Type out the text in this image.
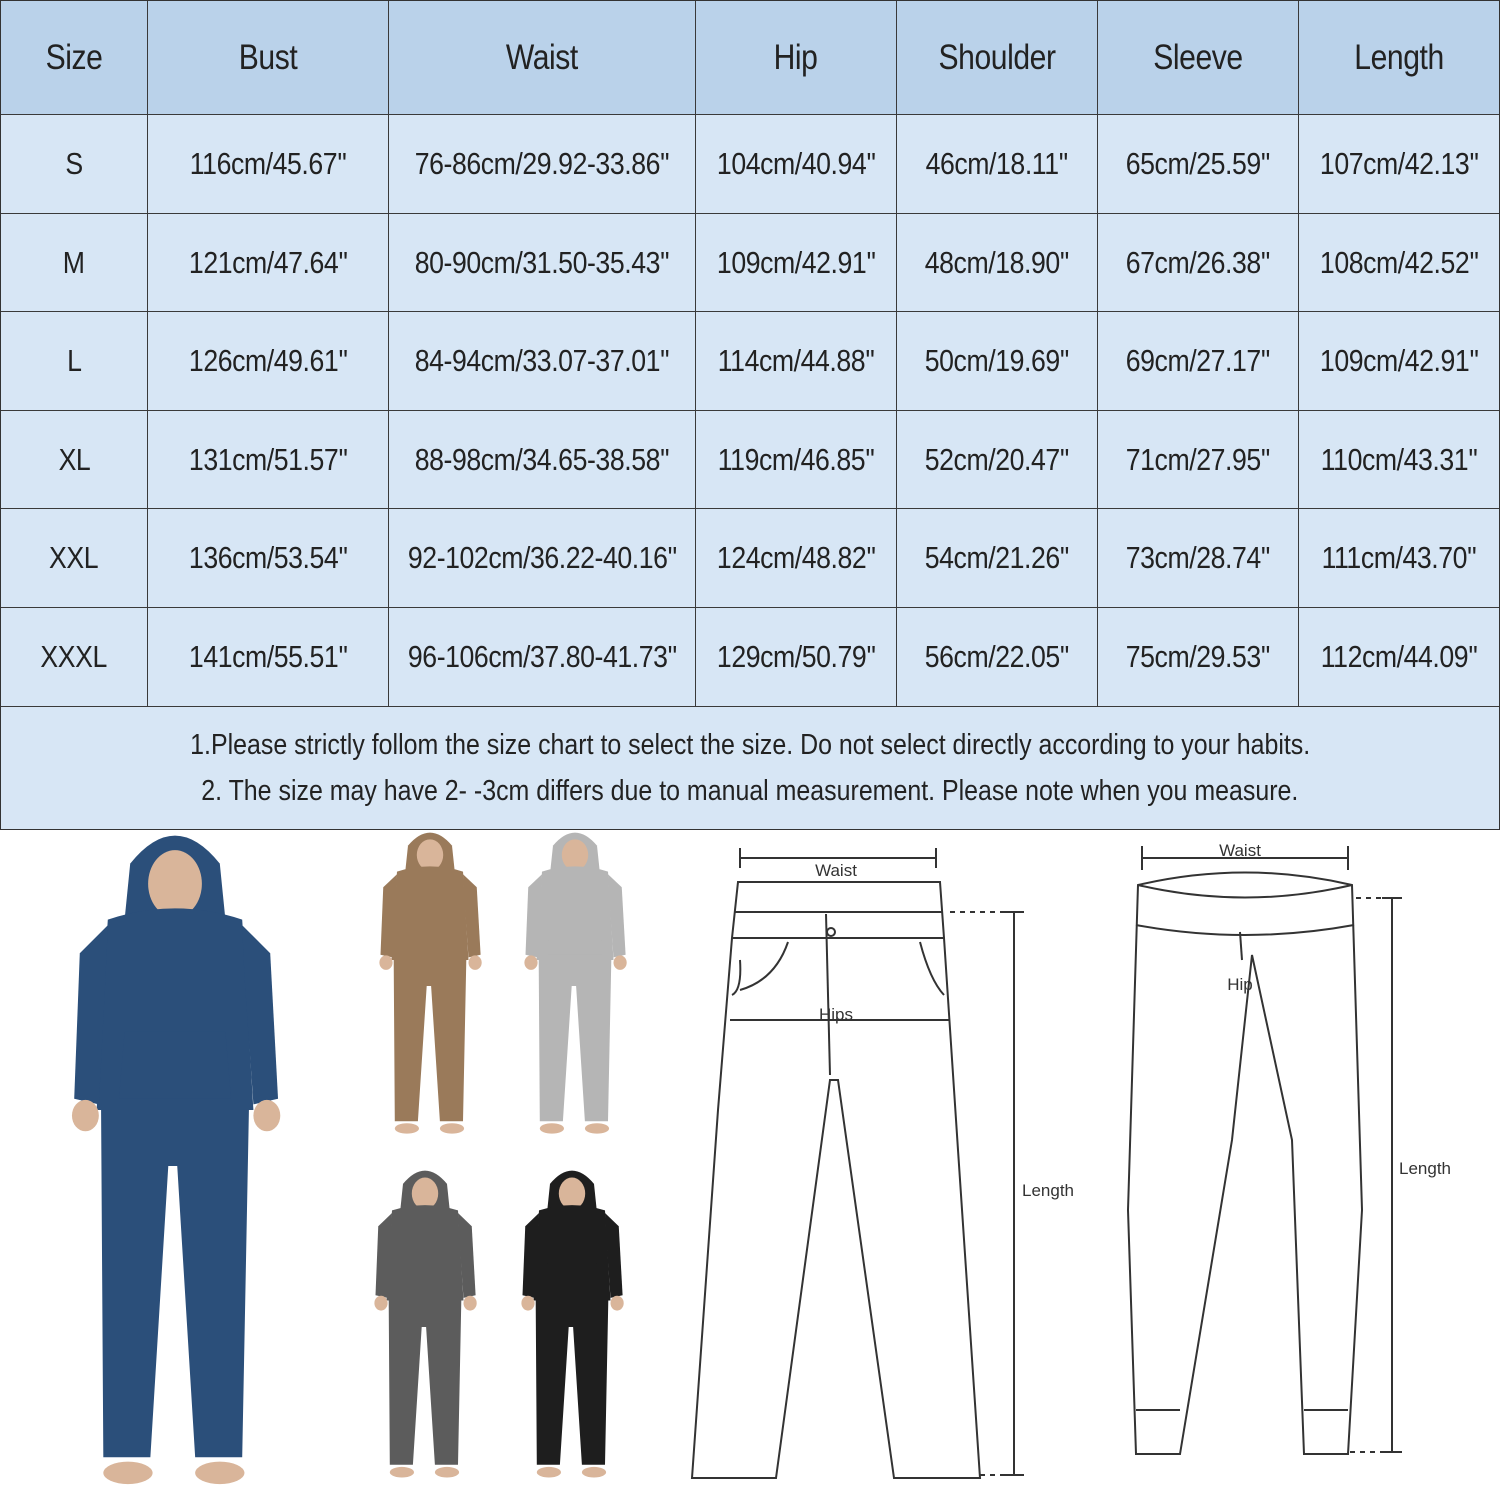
Size	Bust	Waist	Hip	Shoulder	Sleeve	Length
S	116cm/45.67'' 76-86cm/29.92-33.86'' 104cm/40.94'' 46cm/18.11'' 65cm/25.59'' 107cm/42.13''
M	121cm/47.64'' 80-90cm/31.50-35.43'' 109cm/42.91'' 48cm/18.90'' 67cm/26.38'' 108cm/42.52''
L	126cm/49.61'' 84-94cm/33.07-37.01'' 114cm/44.88'' 50cm/19.69'' 69cm/27.17'' 109cm/42.91''
XL	131cm/51.57'' 88-98cm/34.65-38.58'' 119cm/46.85'' 52cm/20.47'' 71cm/27.95'' 110cm/43.31''
XXL	136cm/53.54'' 92-102cm/36.22-40.16'' 124cm/48.82'' 54cm/21.26'' 73cm/28.74'' 111cm/43.70''
XXXL	141cm/55.51'' 96-106cm/37.80-41.73'' 129cm/50.79'' 56cm/22.05'' 75cm/29.53'' 112cm/44.09''
1.Please strictly follom the size chart to select the size. Do not select directly according to your habits.
2. The size may have 2- -3cm differs due to manual measurement. Please note when you measure.
Waist
Hips
Length
Waist
Hip
Length
